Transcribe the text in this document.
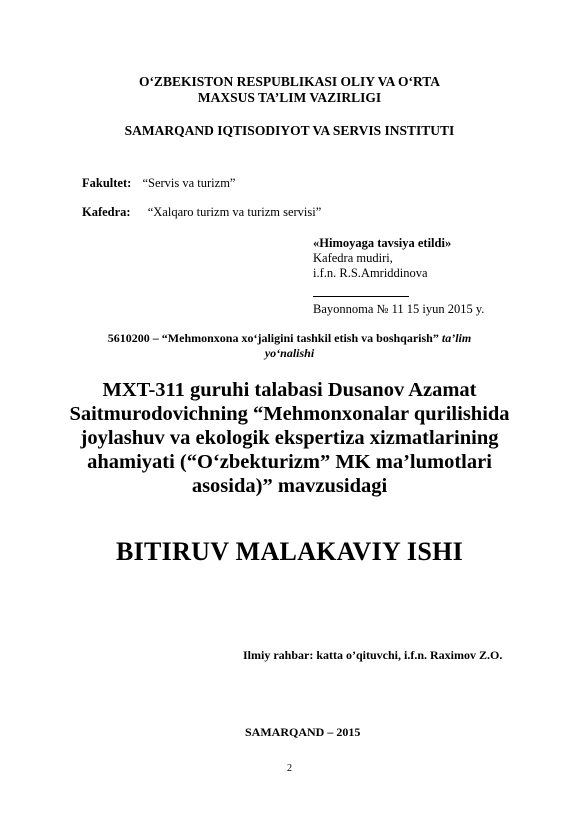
O‘ZBEKISTON RESPUBLIKASI OLIY VA O‘RTA

MAXSUS TA’LIM VAZIRLIGI

SAMARQAND IQTISODIYOT VA SERVIS INSTITUTI

Fakultet: “Servis va turizm”
Kafedra: “Xalqaro turizm va turizm servisi”
«Himoyaga tavsiya etildi»
Kafedra mudiri,
i.f.n. R.S.Amriddinova
Bayonnoma № 11 15 iyun 2015 y.

5610200 – “Mehmonxona xo‘jaligini tashkil etish va boshqarish” ta’lim

yo‘nalishi

MXT-311 guruhi talabasi Dusanov Azamat
Saitmurodovichning “Mehmonxonalar qurilishida
joylashuv va ekologik ekspertiza xizmatlarining
ahamiyati (“O‘zbekturizm” MK ma’lumotlari
asosida)” mavzusidagi

BITIRUV MALAKAVIY ISHI

Ilmiy rahbar: katta o’qituvchi, i.f.n. Raximov Z.O.

SAMARQAND – 2015

2
